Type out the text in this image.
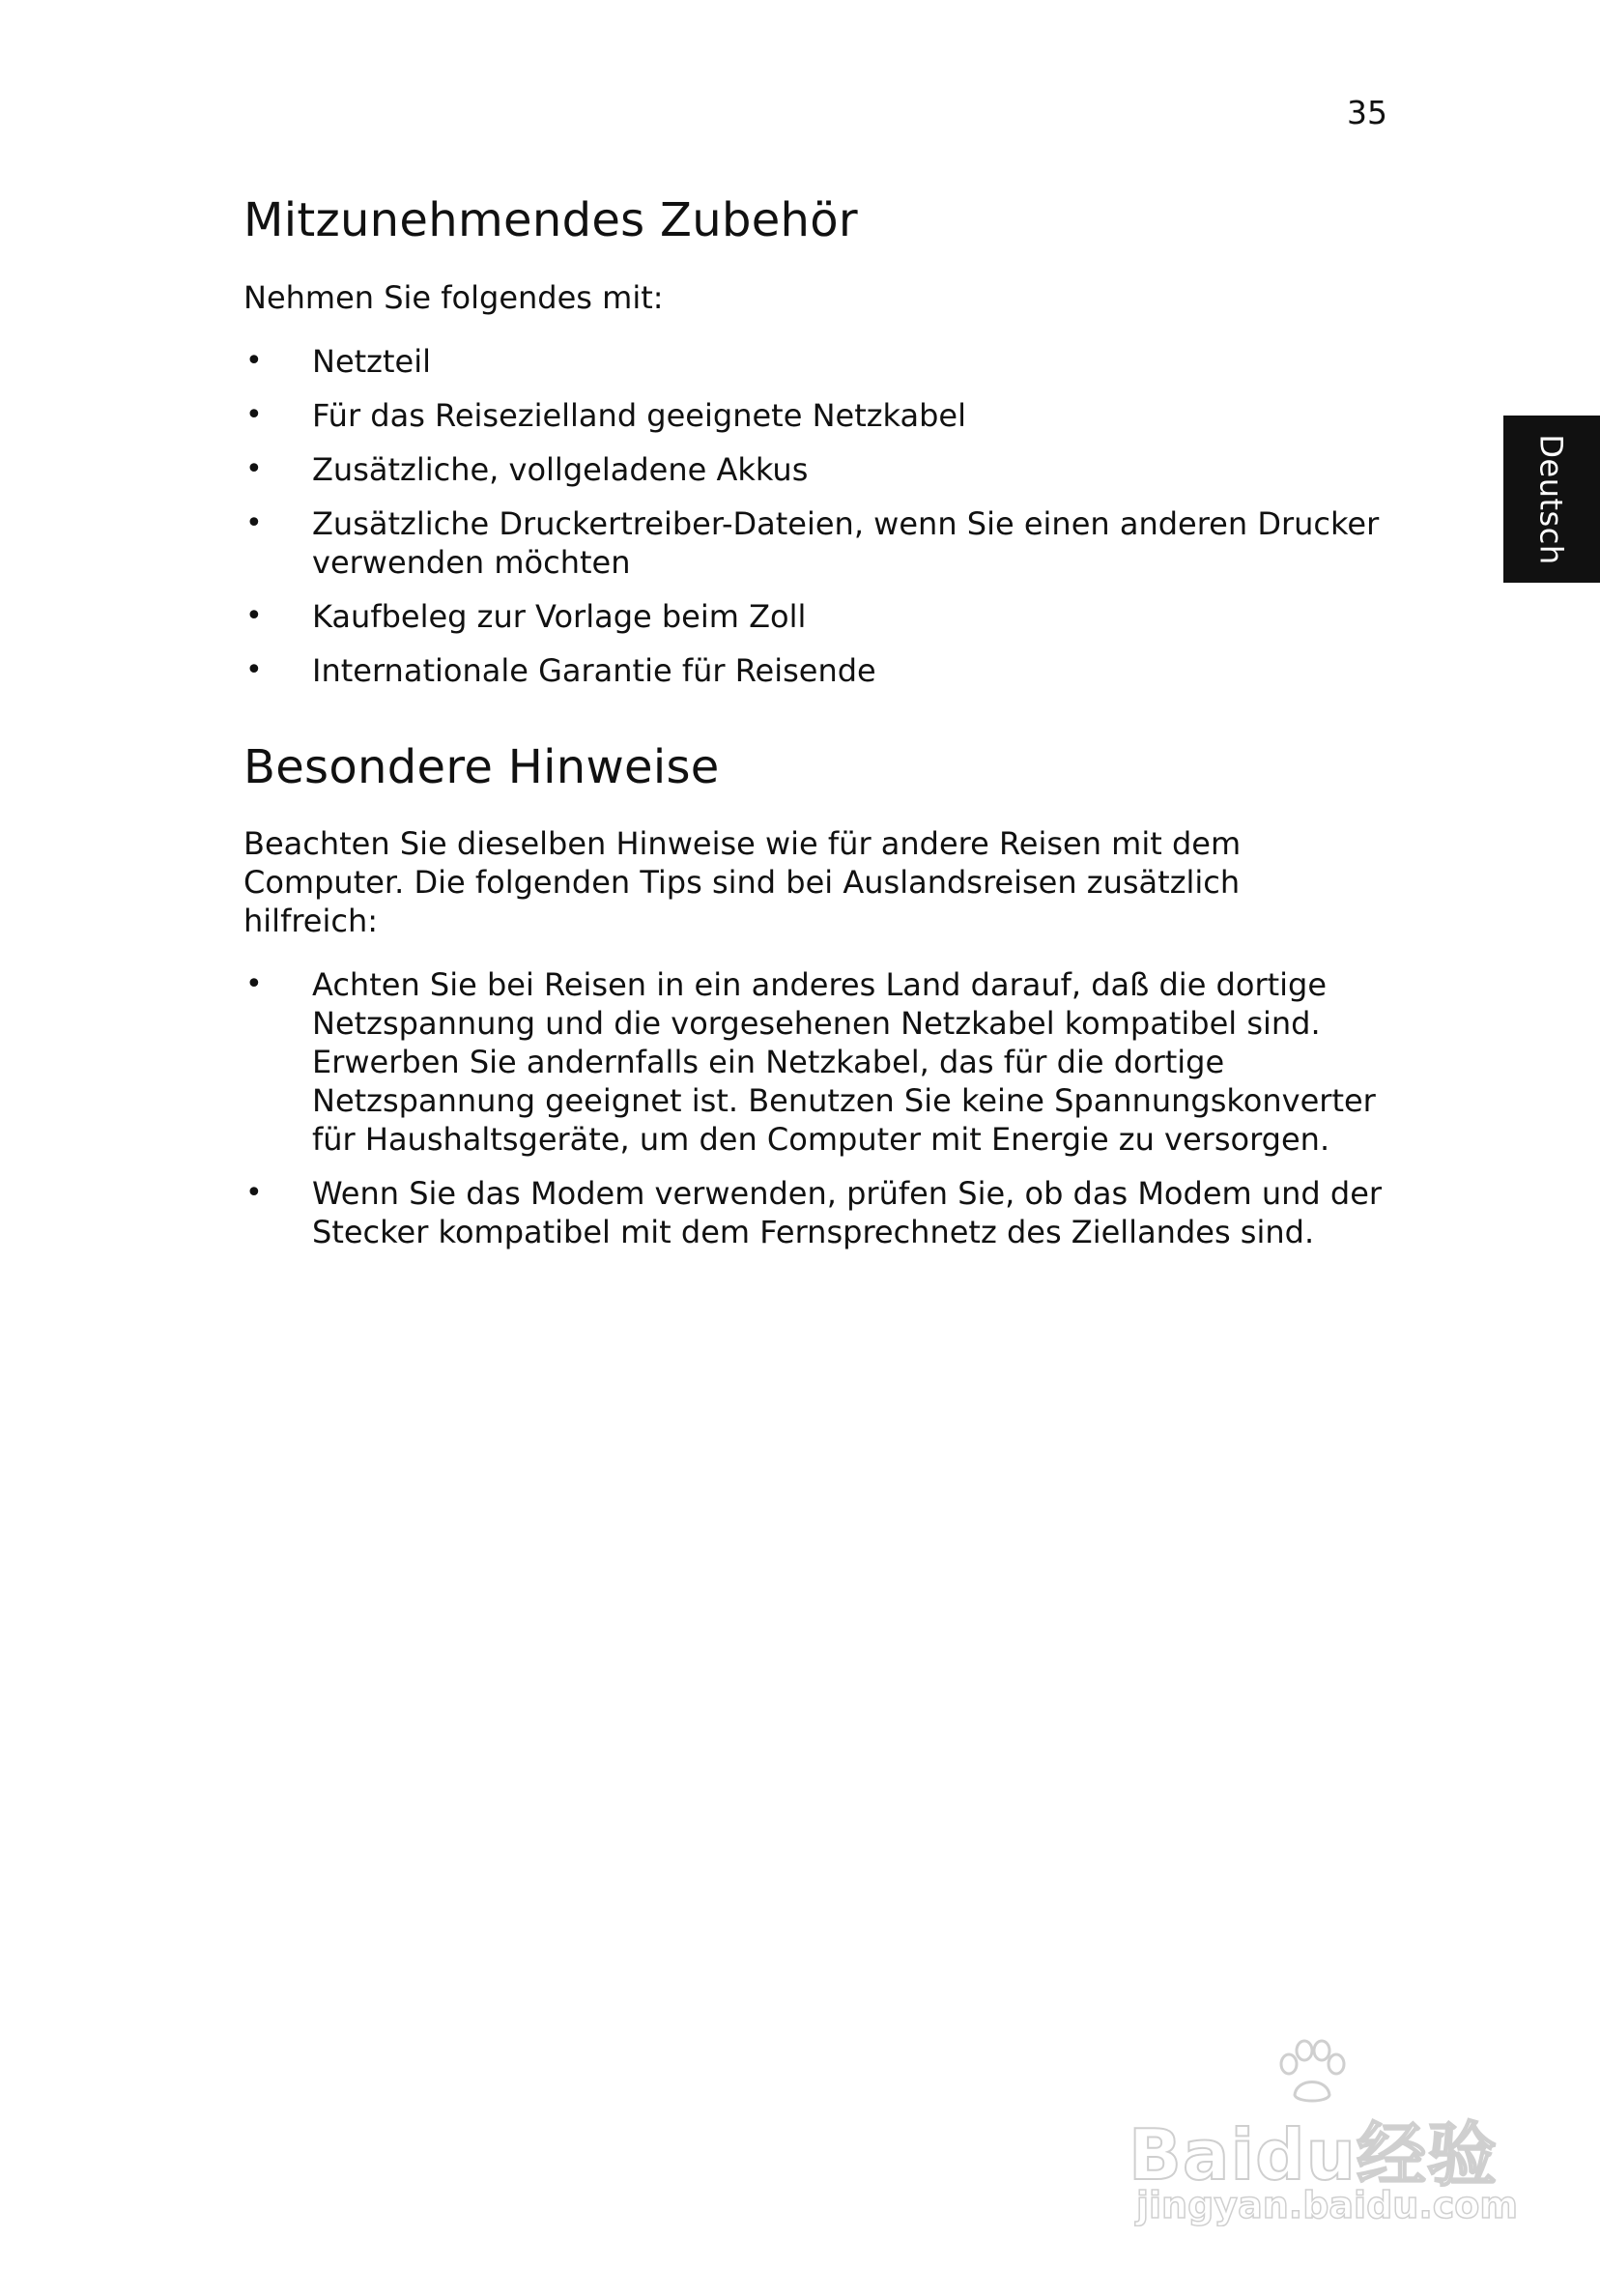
35
Deutsch
Mitzunehmendes Zubehör

Nehmen Sie folgendes mit:

• Netzteil
• Für das Reisezielland geeignete Netzkabel
• Zusätzliche, vollgeladene Akkus
• Zusätzliche Druckertreiber-Dateien, wenn Sie einen anderen Drucker verwenden möchten
• Kaufbeleg zur Vorlage beim Zoll
• Internationale Garantie für Reisende
Besondere Hinweise

Beachten Sie dieselben Hinweise wie für andere Reisen mit dem Computer. Die folgenden Tips sind bei Auslandsreisen zusätzlich hilfreich:

• Achten Sie bei Reisen in ein anderes Land darauf, daß die dortige Netzspannung und die vorgesehenen Netzkabel kompatibel sind. Erwerben Sie andernfalls ein Netzkabel, das für die dortige Netzspannung geeignet ist. Benutzen Sie keine Spannungskonverter für Haushaltsgeräte, um den Computer mit Energie zu versorgen.
• Wenn Sie das Modem verwenden, prüfen Sie, ob das Modem und der Stecker kompatibel mit dem Fernsprechnetz des Ziellandes sind.
Baidu经验
jingyan.baidu.com
